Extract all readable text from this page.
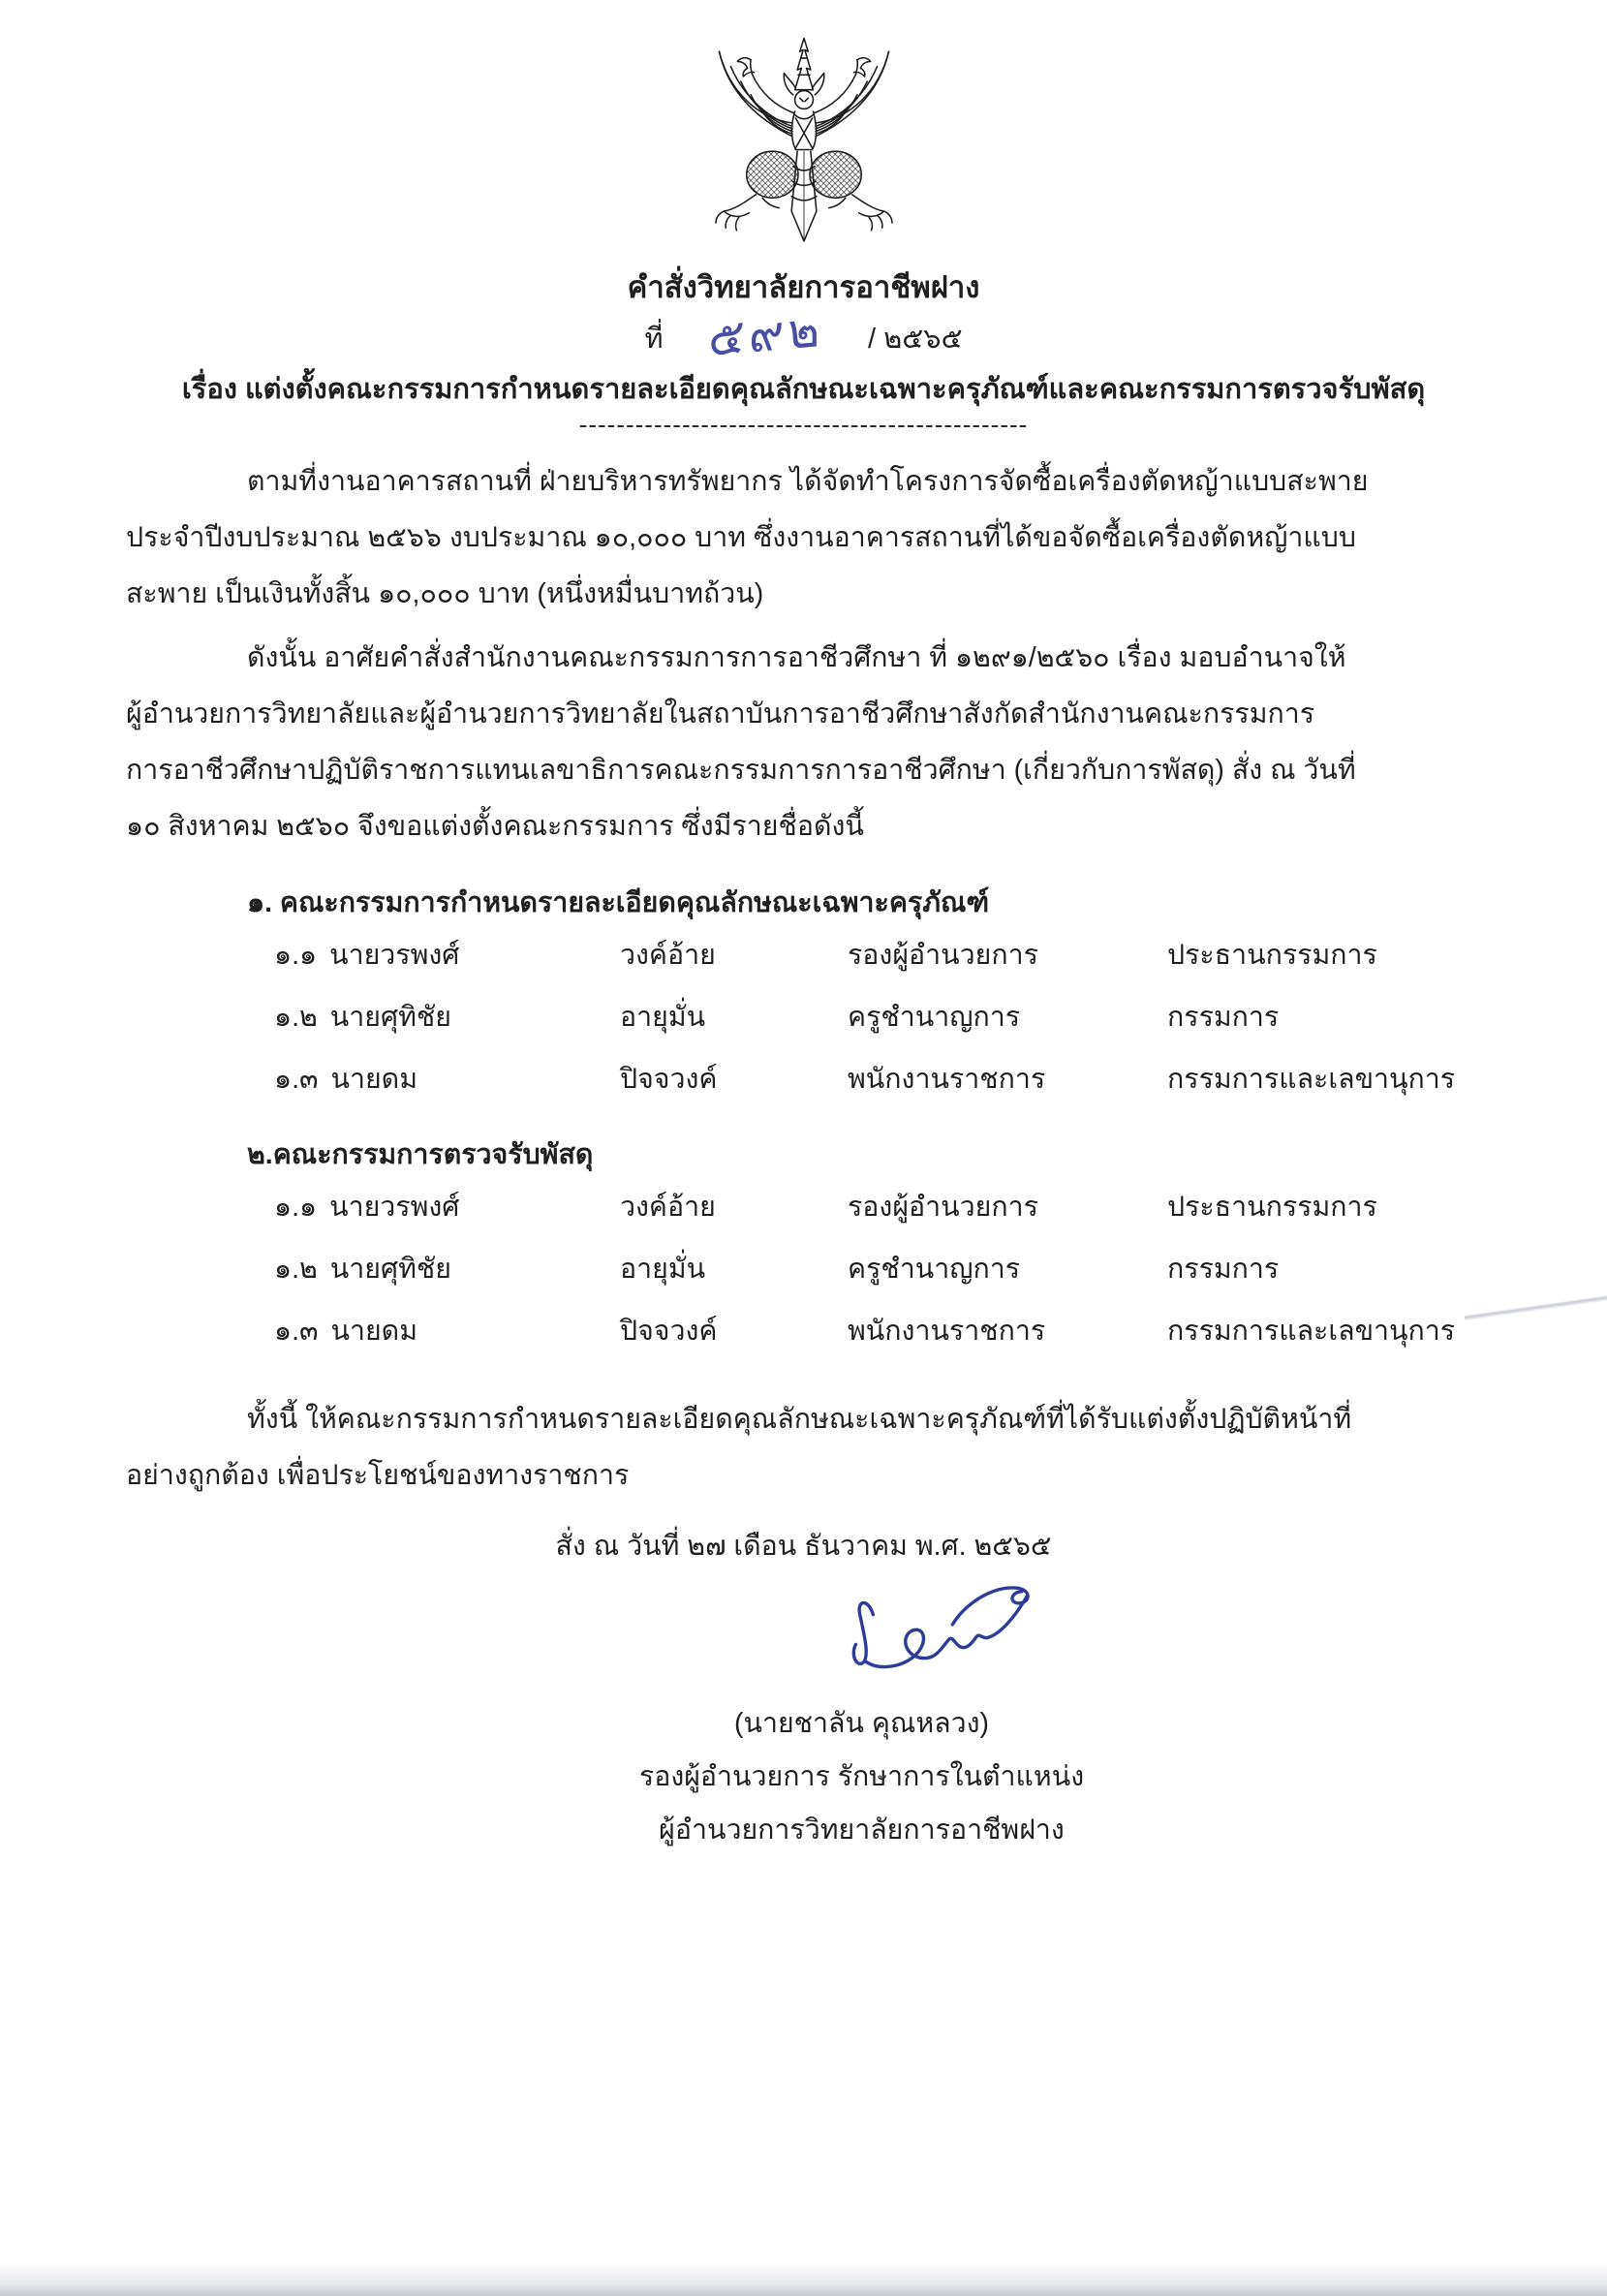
คำสั่งวิทยาลัยการอาชีพฝาง
ที่ ๕๙๒ / ๒๕๖๕
เรื่อง แต่งตั้งคณะกรรมการกำหนดรายละเอียดคุณลักษณะเฉพาะครุภัณฑ์และคณะกรรมการตรวจรับพัสดุ
------------------------------------------------
ตามที่งานอาคารสถานที่ ฝ่ายบริหารทรัพยากร ได้จัดทำโครงการจัดซื้อเครื่องตัดหญ้าแบบสะพาย
ประจำปีงบประมาณ ๒๕๖๖ งบประมาณ ๑๐,๐๐๐ บาท ซึ่งงานอาคารสถานที่ได้ขอจัดซื้อเครื่องตัดหญ้าแบบ
สะพาย เป็นเงินทั้งสิ้น ๑๐,๐๐๐ บาท (หนึ่งหมื่นบาทถ้วน)
ดังนั้น อาศัยคำสั่งสำนักงานคณะกรรมการการอาชีวศึกษา ที่ ๑๒๙๑/๒๕๖๐ เรื่อง มอบอำนาจให้
ผู้อำนวยการวิทยาลัยและผู้อำนวยการวิทยาลัยในสถาบันการอาชีวศึกษาสังกัดสำนักงานคณะกรรมการ
การอาชีวศึกษาปฏิบัติราชการแทนเลขาธิการคณะกรรมการการอาชีวศึกษา (เกี่ยวกับการพัสดุ) สั่ง ณ วันที่
๑๐ สิงหาคม ๒๕๖๐ จึงขอแต่งตั้งคณะกรรมการ ซึ่งมีรายชื่อดังนี้
๑. คณะกรรมการกำหนดรายละเอียดคุณลักษณะเฉพาะครุภัณฑ์
๑.๑ นายวรพงศ์	วงค์อ้าย	รองผู้อำนวยการ	ประธานกรรมการ
๑.๒ นายศุทิชัย	อายุมั่น	ครูชำนาญการ	กรรมการ
๑.๓ นายดม	ปิจจวงค์	พนักงานราชการ	กรรมการและเลขานุการ
๒.คณะกรรมการตรวจรับพัสดุ
๑.๑ นายวรพงศ์	วงค์อ้าย	รองผู้อำนวยการ	ประธานกรรมการ
๑.๒ นายศุทิชัย	อายุมั่น	ครูชำนาญการ	กรรมการ
๑.๓ นายดม	ปิจจวงค์	พนักงานราชการ	กรรมการและเลขานุการ
ทั้งนี้ ให้คณะกรรมการกำหนดรายละเอียดคุณลักษณะเฉพาะครุภัณฑ์ที่ได้รับแต่งตั้งปฏิบัติหน้าที่
อย่างถูกต้อง เพื่อประโยชน์ของทางราชการ
สั่ง ณ วันที่ ๒๗ เดือน ธันวาคม พ.ศ. ๒๕๖๕
(นายชาลัน คุณหลวง)
รองผู้อำนวยการ รักษาการในตำแหน่ง
ผู้อำนวยการวิทยาลัยการอาชีพฝาง
